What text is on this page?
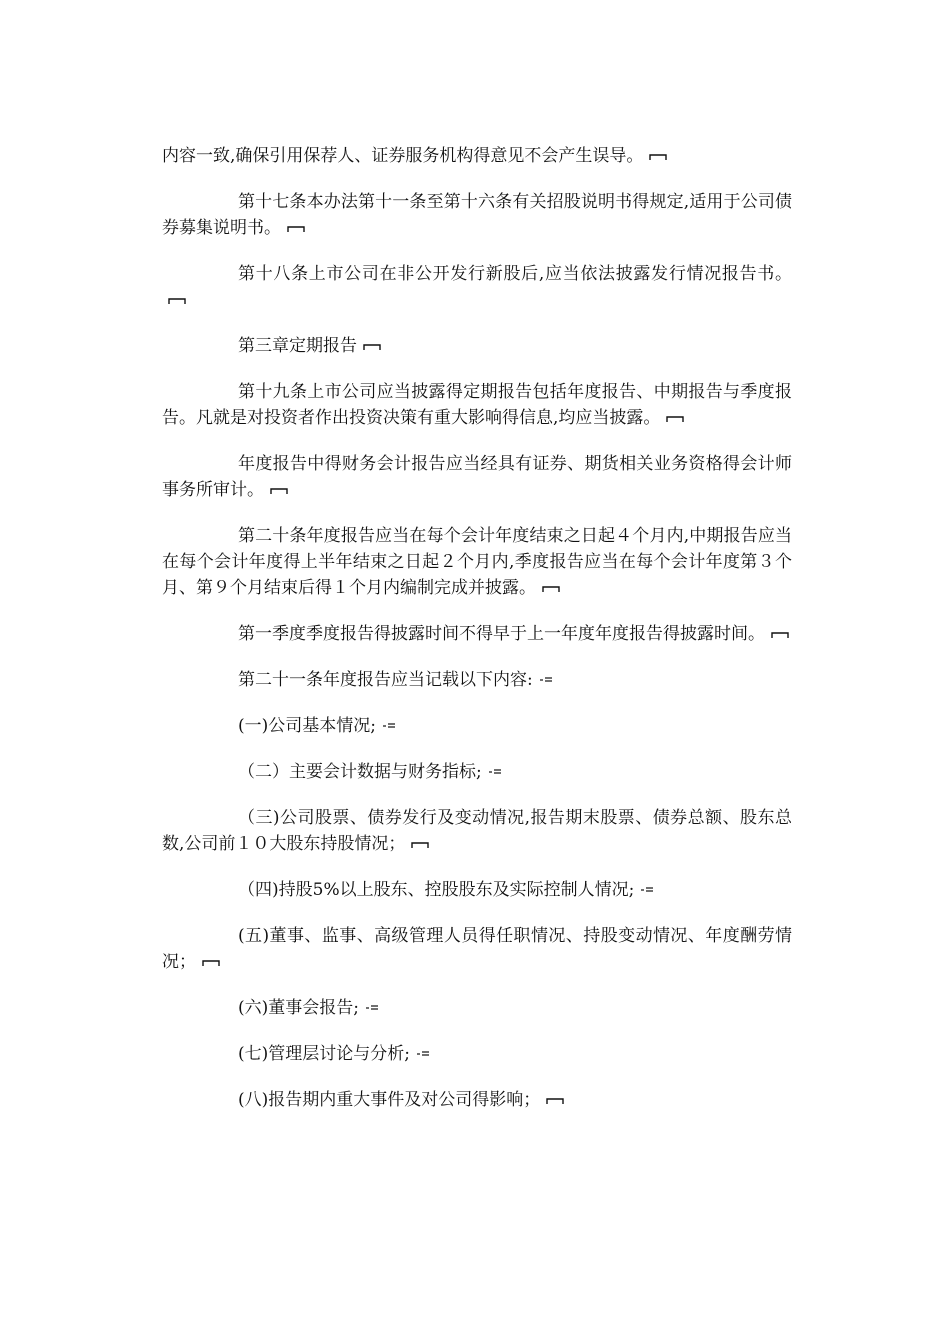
内容一致,确保引用保荐人、证券服务机构得意见不会产生误导。

第十七条本办法第十一条至第十六条有关招股说明书得规定,适用于公司债券募集说明书。

第十八条上市公司在非公开发行新股后,应当依法披露发行情况报告书。

第三章定期报告

第十九条上市公司应当披露得定期报告包括年度报告、中期报告与季度报告。凡就是对投资者作出投资决策有重大影响得信息,均应当披露。

年度报告中得财务会计报告应当经具有证券、期货相关业务资格得会计师事务所审计。

第二十条年度报告应当在每个会计年度结束之日起４个月内,中期报告应当在每个会计年度得上半年结束之日起２个月内,季度报告应当在每个会计年度第３个月、第９个月结束后得１个月内编制完成并披露。

第一季度季度报告得披露时间不得早于上一年度年度报告得披露时间。

第二十一条年度报告应当记载以下内容:

(一)公司基本情况;

（二）主要会计数据与财务指标;

（三)公司股票、债券发行及变动情况,报告期末股票、债券总额、股东总数,公司前１０大股东持股情况；

（四)持股5%以上股东、控股股东及实际控制人情况;

(五)董事、监事、高级管理人员得任职情况、持股变动情况、年度酬劳情况；

(六)董事会报告;

(七)管理层讨论与分析;

(八)报告期内重大事件及对公司得影响；
